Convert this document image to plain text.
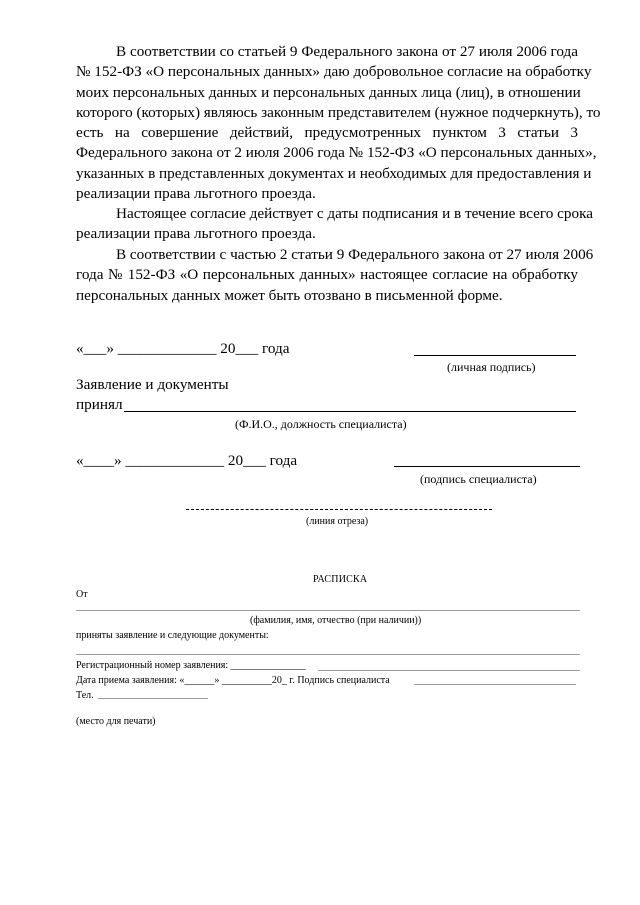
В соответствии со статьей 9 Федерального закона от 27 июля 2006 года
№ 152-ФЗ «О персональных данных» даю добровольное согласие на обработку
моих персональных данных и персональных данных лица (лиц), в отношении
которого (которых) являюсь законным представителем (нужное подчеркнуть), то
есть на совершение действий, предусмотренных пунктом 3 статьи 3
Федерального закона от 2 июля 2006 года № 152-ФЗ «О персональных данных»,
указанных в представленных документах и необходимых для предоставления и
реализации права льготного проезда.
Настоящее согласие действует с даты подписания и в течение всего срока
реализации права льготного проезда.
В соответствии с частью 2 статьи 9 Федерального закона от 27 июля 2006
года № 152-ФЗ «О персональных данных» настоящее согласие на обработку
персональных данных может быть отозвано в письменной форме.
«___» _____________ 20___ года
(личная подпись)
Заявление и документы
принял
(Ф.И.О., должность специалиста)
«____» _____________ 20___ года
(подпись специалиста)
(линия отреза)
РАСПИСКА
От
(фамилия, имя, отчество (при наличии))
приняты заявление и следующие документы:
Регистрационный номер заявления: _______________
Дата приема заявления: «______» __________20_ г. Подпись специалиста
Тел.
(место для печати)
